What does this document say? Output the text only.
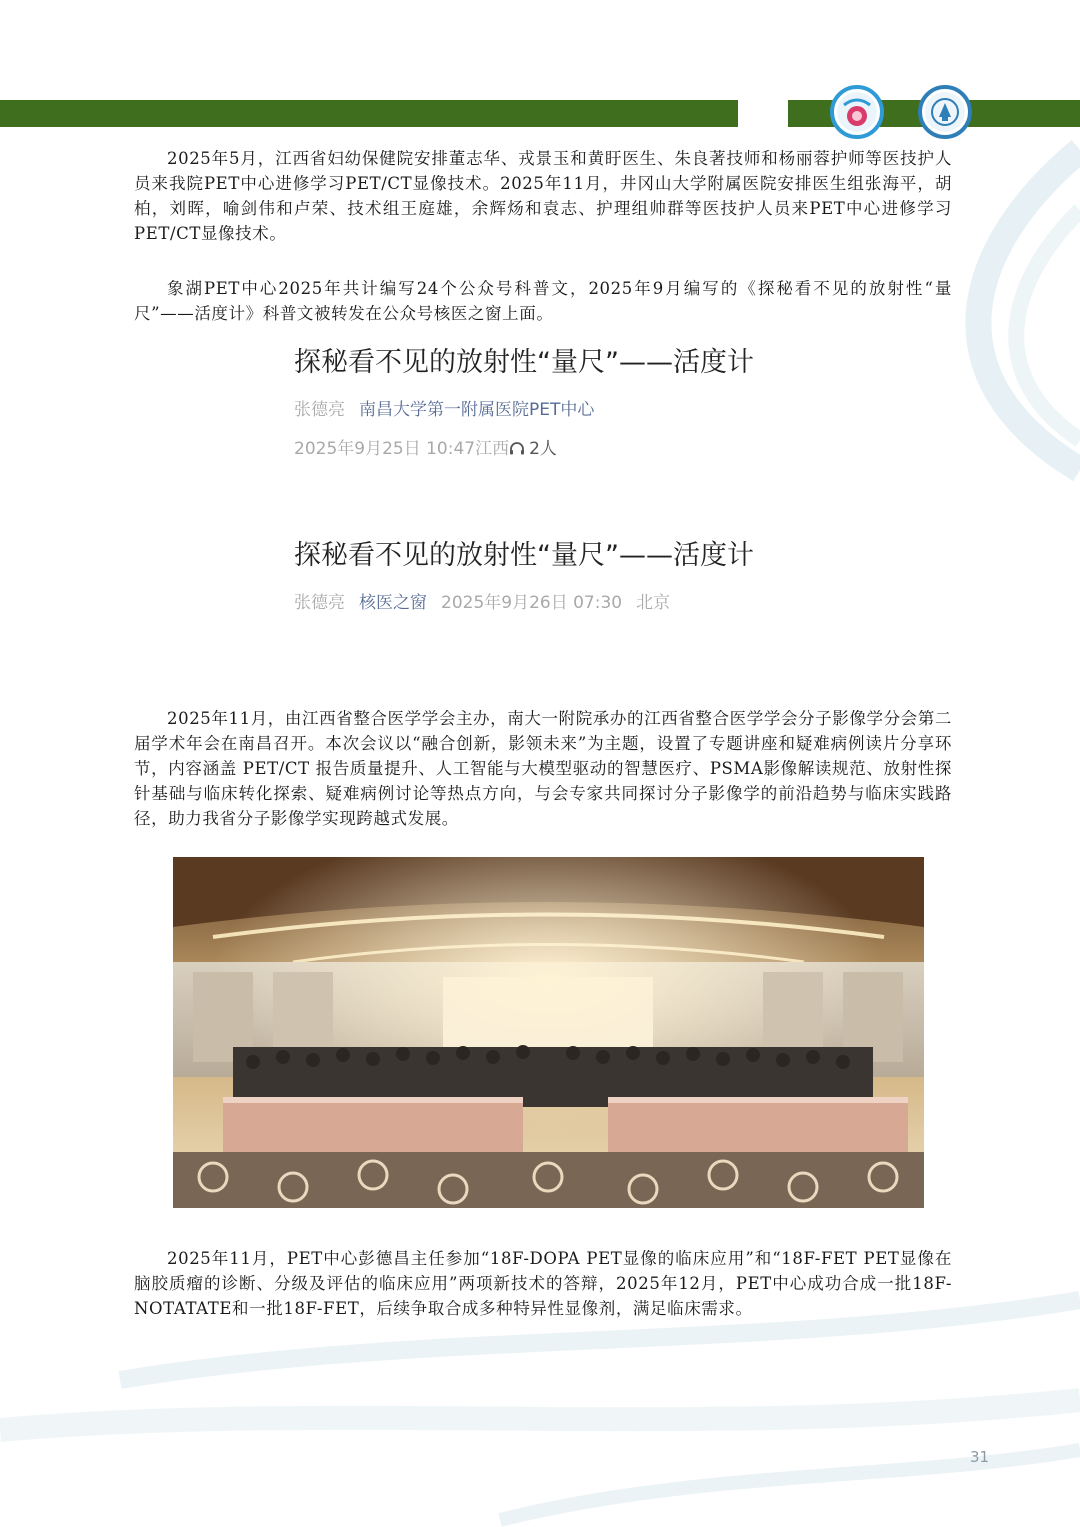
2025年5月，江西省妇幼保健院安排董志华、戎景玉和黄盱医生、朱良著技师和杨丽蓉护师等医技护人员来我院PET中心进修学习PET/CT显像技术。2025年11月，井冈山大学附属医院安排医生组张海平，胡柏，刘晖，喻剑伟和卢荣、技术组王庭雄，余辉炀和袁志、护理组帅群等医技护人员来PET中心进修学习PET/CT显像技术。

象湖PET中心2025年共计编写24个公众号科普文，2025年9月编写的《探秘看不见的放射性“量尺”——活度计》科普文被转发在公众号核医之窗上面。

探秘看不见的放射性“量尺”——活度计

张德亮 南昌大学第一附属医院PET中心
2025年9月25日 10:47江西 2人

探秘看不见的放射性“量尺”——活度计

张德亮 核医之窗 2025年9月26日 07:30 北京

2025年11月，由江西省整合医学学会主办，南大一附院承办的江西省整合医学学会分子影像学分会第二届学术年会在南昌召开。本次会议以“融合创新，影领未来”为主题，设置了专题讲座和疑难病例读片分享环节，内容涵盖 PET/CT 报告质量提升、人工智能与大模型驱动的智慧医疗、PSMA影像解读规范、放射性探针基础与临床转化探索、疑难病例讨论等热点方向，与会专家共同探讨分子影像学的前沿趋势与临床实践路径，助力我省分子影像学实现跨越式发展。

2025年11月，PET中心彭德昌主任参加“18F-DOPA PET显像的临床应用”和“18F-FET PET显像在脑胶质瘤的诊断、分级及评估的临床应用”两项新技术的答辩，2025年12月，PET中心成功合成一批18F-NOTATATE和一批18F-FET，后续争取合成多种特异性显像剂，满足临床需求。

31
